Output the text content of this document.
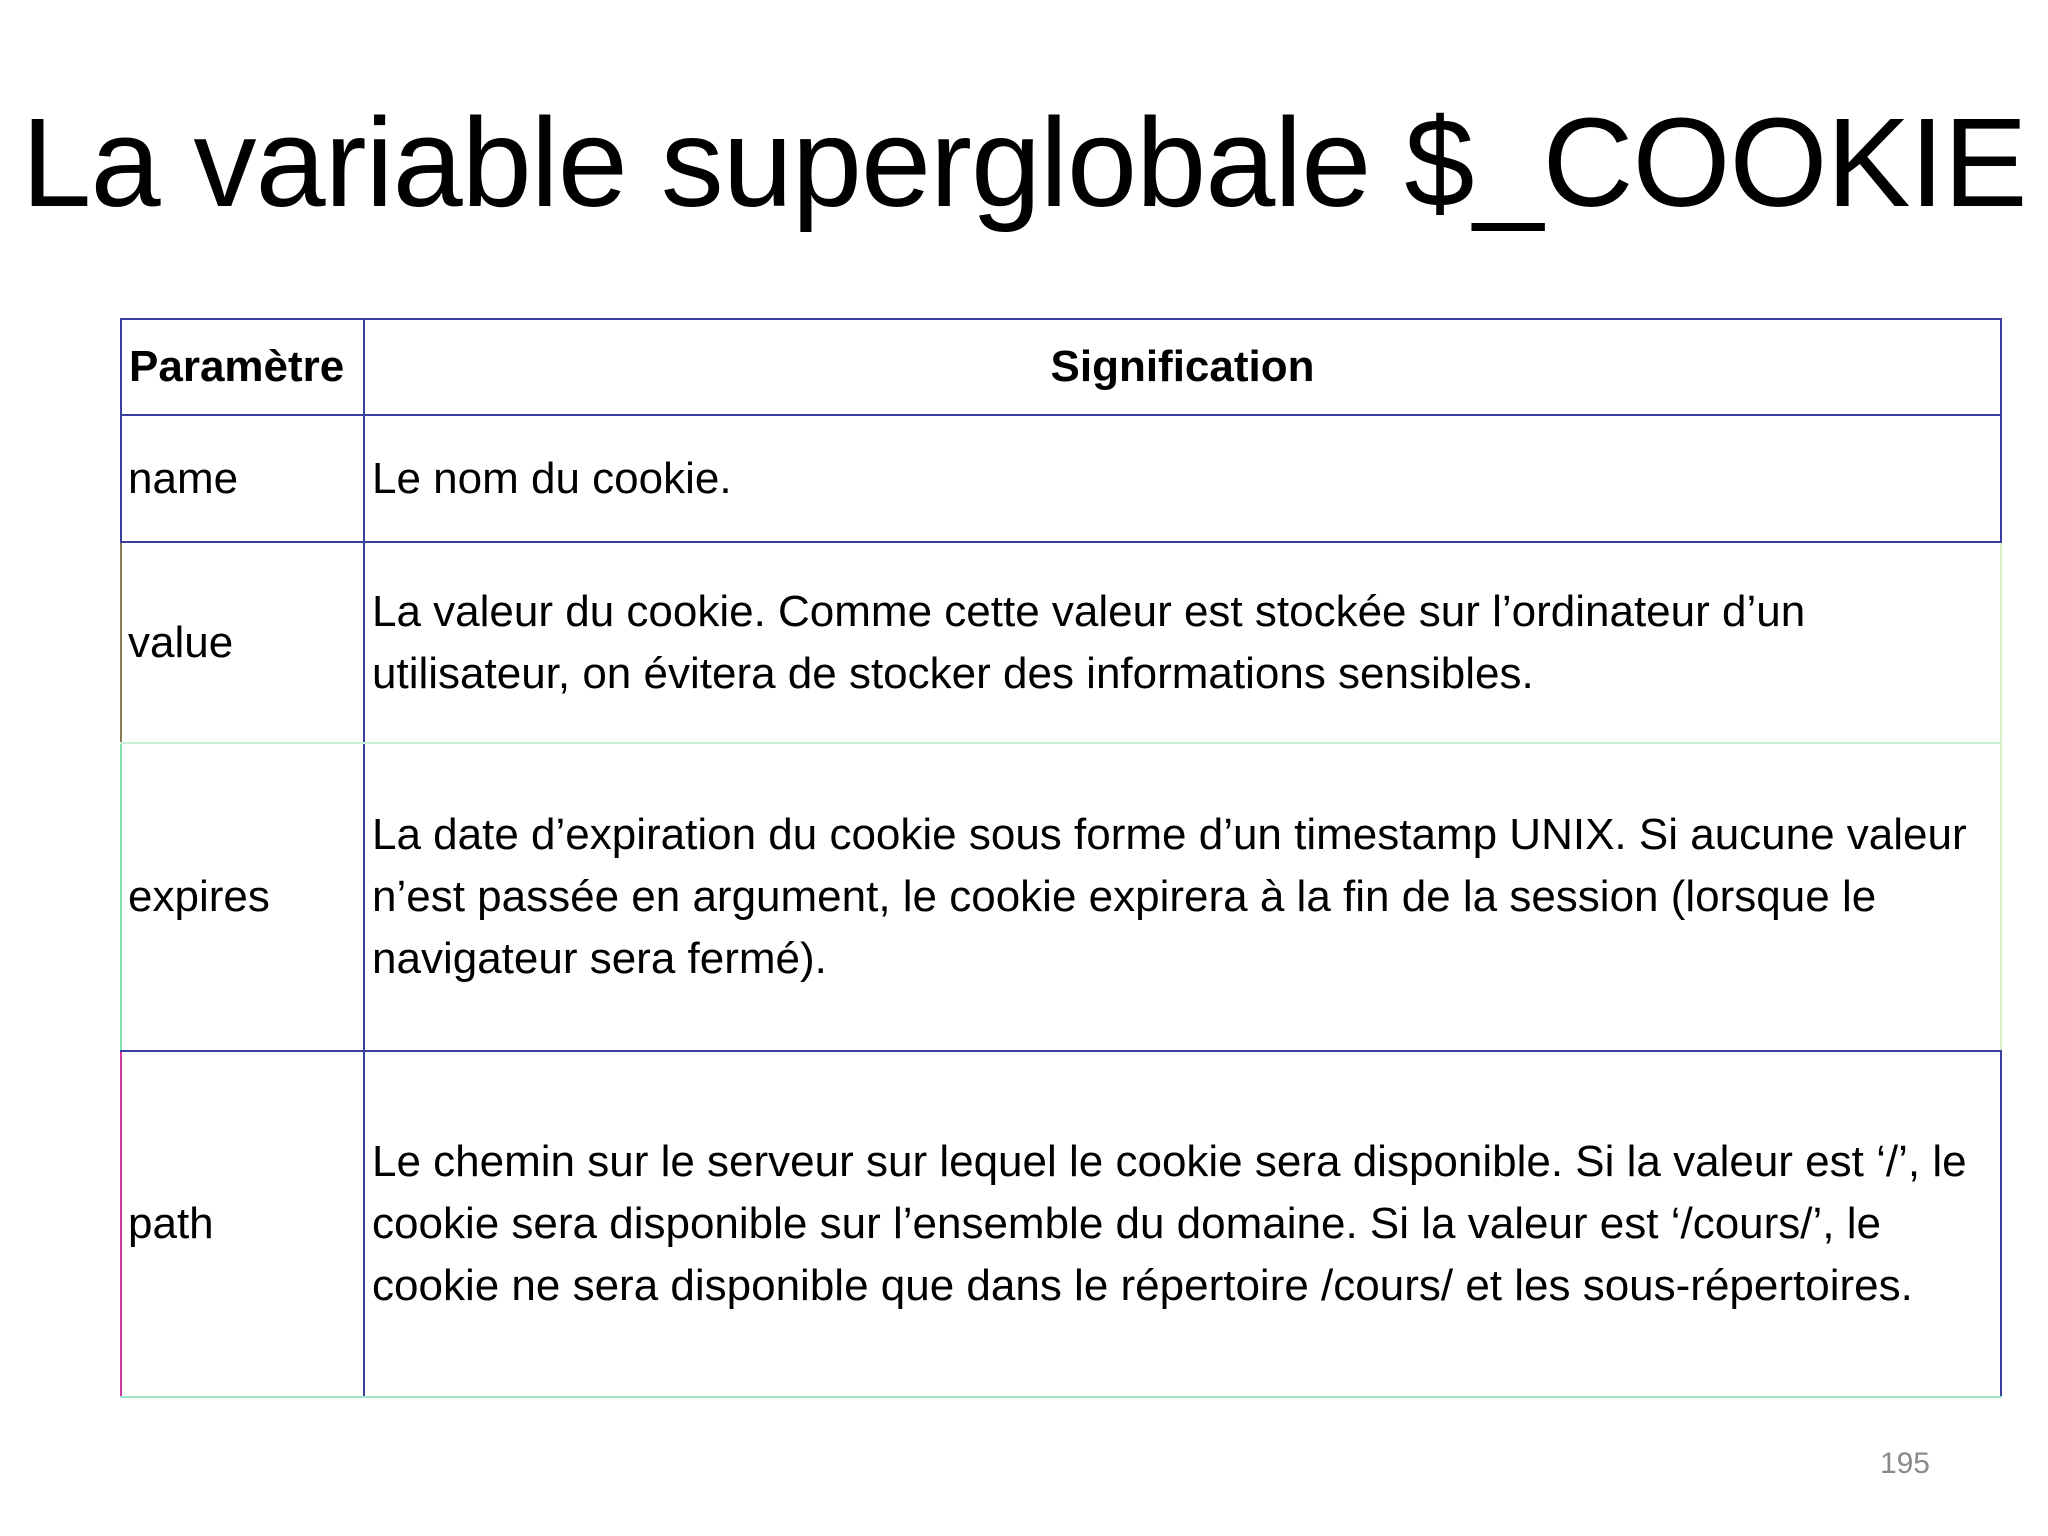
La variable superglobale $_COOKIE
Paramètre	Signification
name	Le nom du cookie.
value	La valeur du cookie. Comme cette valeur est stockée sur l’ordinateur d’un utilisateur, on évitera de stocker des informations sensibles.
expires	La date d’expiration du cookie sous forme d’un timestamp UNIX. Si aucune valeur n’est passée en argument, le cookie expirera à la fin de la session (lorsque le navigateur sera fermé).
path	Le chemin sur le serveur sur lequel le cookie sera disponible. Si la valeur est ‘/’, le cookie sera disponible sur l’ensemble du domaine. Si la valeur est ‘/cours/’, le cookie ne sera disponible que dans le répertoire /cours/ et les sous-répertoires.
195
